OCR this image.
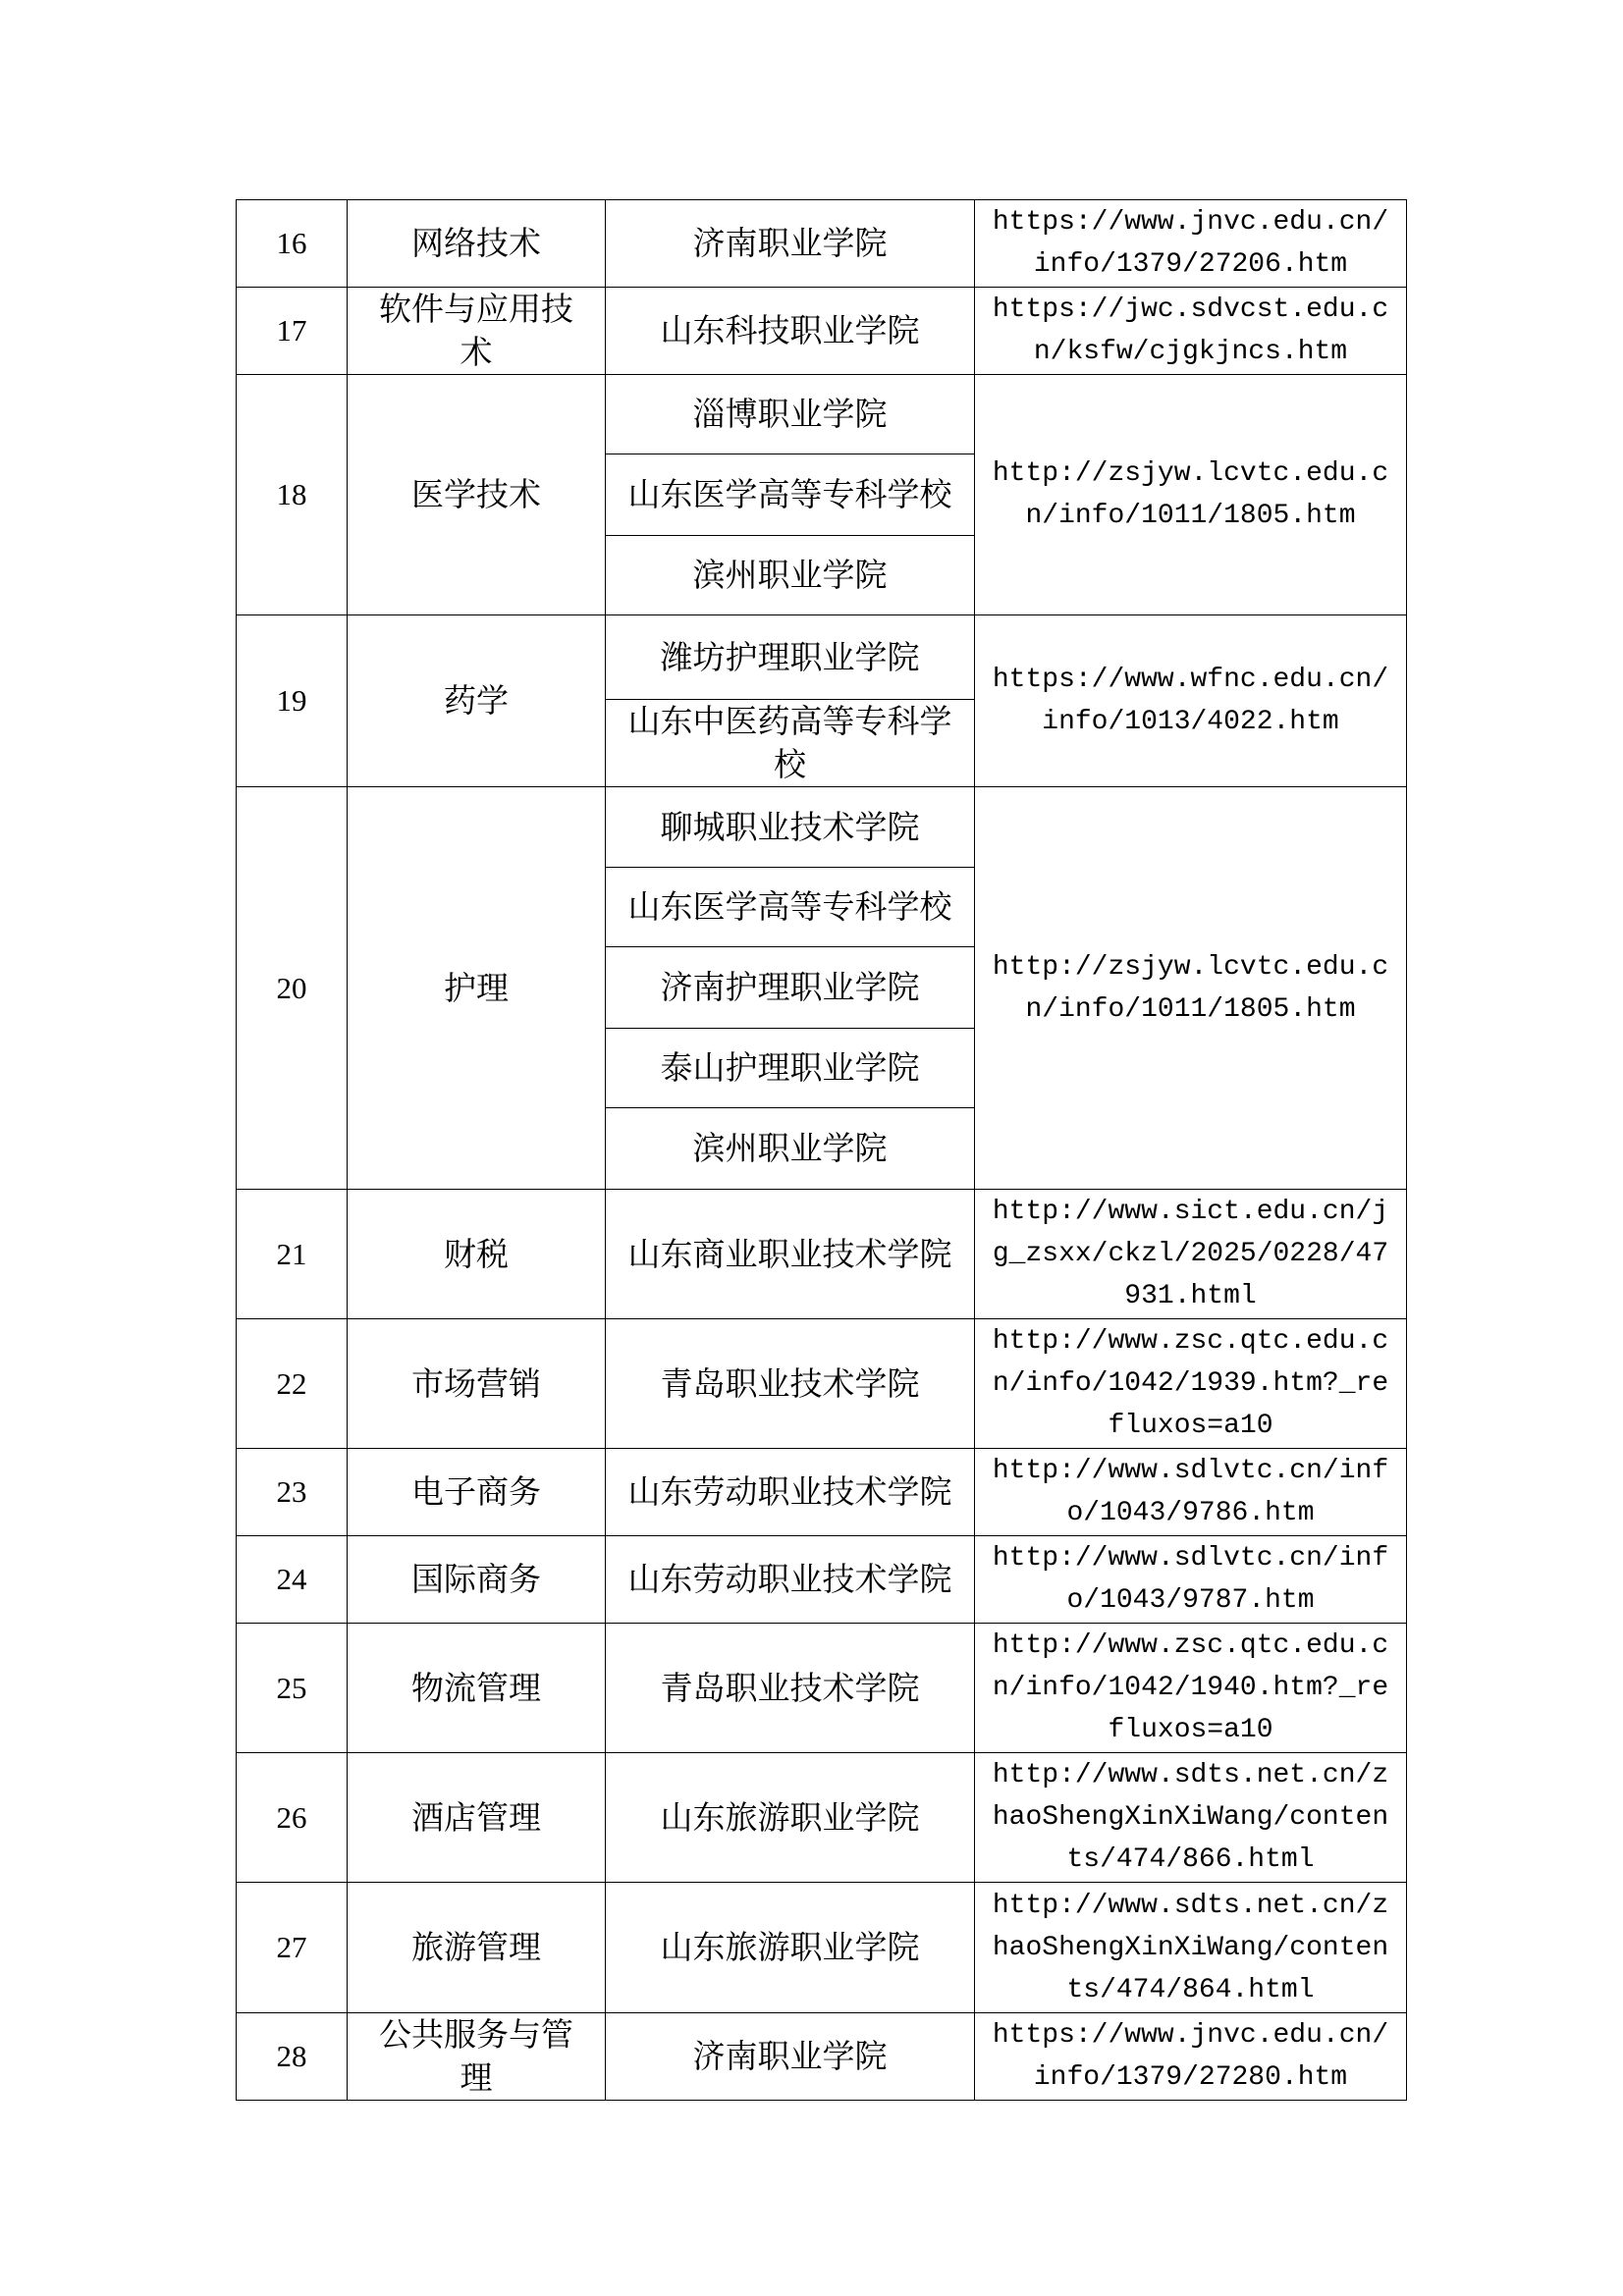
16	网络技术	济南职业学院	https://www.jnvc.edu.cn/info/1379/27206.htm

17	软件与应用技术	山东科技职业学院	https://jwc.sdvcst.edu.cn/ksfw/cjgkjncs.htm

18	医学技术	淄博职业学院	http://zsjyw.lcvtc.edu.cn/info/1011/1805.htm

		山东医学高等专科学校	
		滨州职业学院	
19	药学	潍坊护理职业学院	https://www.wfnc.edu.cn/info/1013/4022.htm

		山东中医药高等专科学校	
20	护理	聊城职业技术学院	http://zsjyw.lcvtc.edu.cn/info/1011/1805.htm

		山东医学高等专科学校	
		济南护理职业学院	
		泰山护理职业学院	
		滨州职业学院	
21	财税	山东商业职业技术学院	http://www.sict.edu.cn/jg_zsxx/ckzl/2025/0228/47931.html

22	市场营销	青岛职业技术学院	http://www.zsc.qtc.edu.cn/info/1042/1939.htm?_refluxos=a10

23	电子商务	山东劳动职业技术学院	http://www.sdlvtc.cn/info/1043/9786.htm

24	国际商务	山东劳动职业技术学院	http://www.sdlvtc.cn/info/1043/9787.htm

25	物流管理	青岛职业技术学院	http://www.zsc.qtc.edu.cn/info/1042/1940.htm?_refluxos=a10

26	酒店管理	山东旅游职业学院	http://www.sdts.net.cn/zhaoShengXinXiWang/contents/474/866.html

27	旅游管理	山东旅游职业学院	http://www.sdts.net.cn/zhaoShengXinXiWang/contents/474/864.html

28	公共服务与管理	济南职业学院	https://www.jnvc.edu.cn/info/1379/27280.htm
